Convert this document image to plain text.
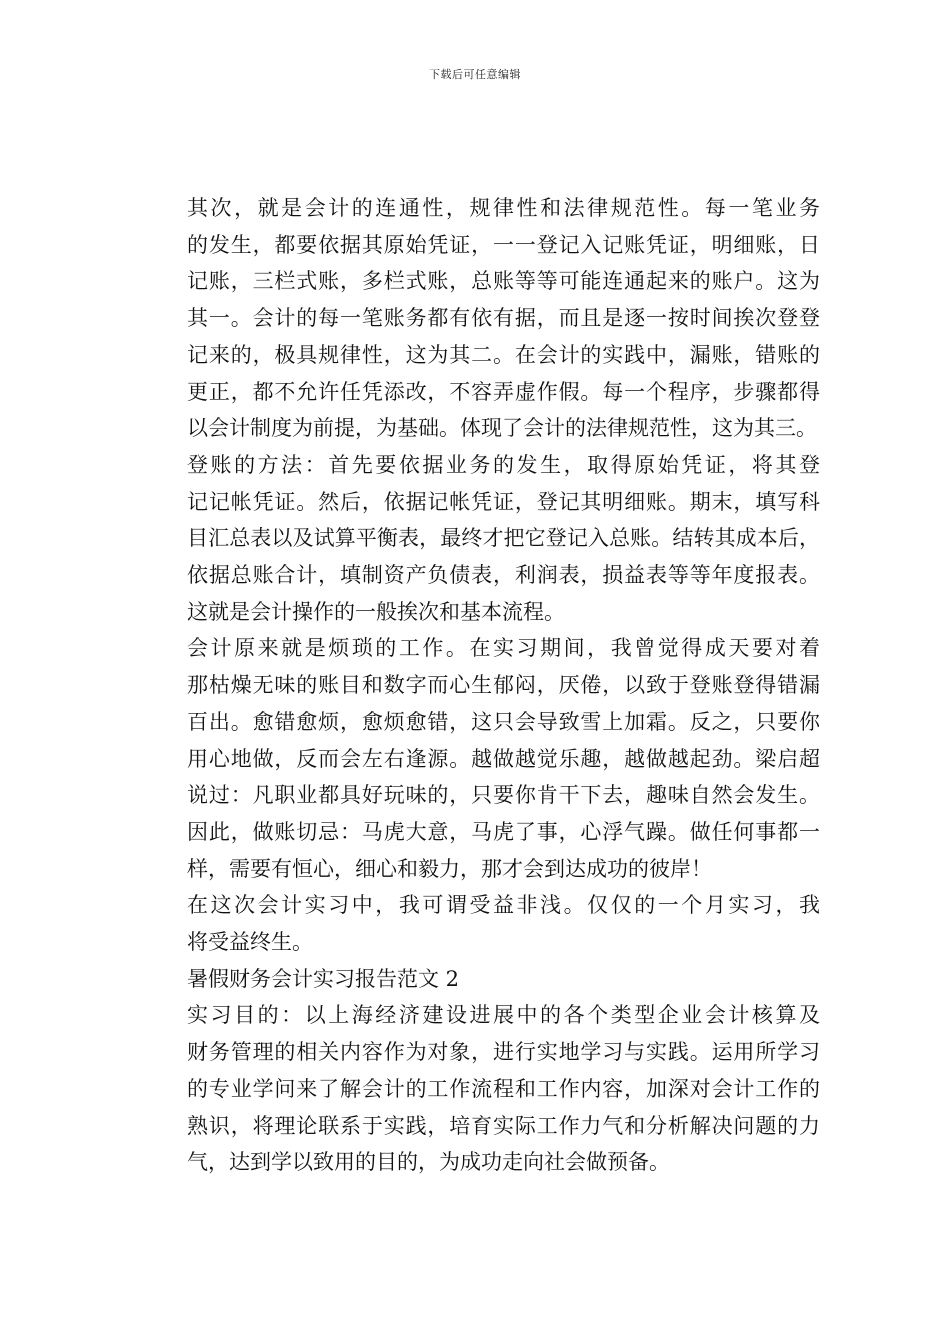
下载后可任意编辑
其次，就是会计的连通性，规律性和法律规范性。每一笔业务
的发生，都要依据其原始凭证，一一登记入记账凭证，明细账，日
记账，三栏式账，多栏式账，总账等等可能连通起来的账户。这为
其一。会计的每一笔账务都有依有据，而且是逐一按时间挨次登登
记来的，极具规律性，这为其二。在会计的实践中，漏账，错账的
更正，都不允许任凭添改，不容弄虚作假。每一个程序，步骤都得
以会计制度为前提，为基础。体现了会计的法律规范性，这为其三。
登账的方法：首先要依据业务的发生，取得原始凭证，将其登
记记帐凭证。然后，依据记帐凭证，登记其明细账。期末，填写科
目汇总表以及试算平衡表，最终才把它登记入总账。结转其成本后，
依据总账合计，填制资产负债表，利润表，损益表等等年度报表。
这就是会计操作的一般挨次和基本流程。
会计原来就是烦琐的工作。在实习期间，我曾觉得成天要对着
那枯燥无味的账目和数字而心生郁闷，厌倦，以致于登账登得错漏
百出。愈错愈烦，愈烦愈错，这只会导致雪上加霜。反之，只要你
用心地做，反而会左右逢源。越做越觉乐趣，越做越起劲。梁启超
说过：凡职业都具好玩味的，只要你肯干下去，趣味自然会发生。
因此，做账切忌：马虎大意，马虎了事，心浮气躁。做任何事都一
样，需要有恒心，细心和毅力，那才会到达成功的彼岸！
在这次会计实习中，我可谓受益非浅。仅仅的一个月实习，我
将受益终生。
暑假财务会计实习报告范文 2
实习目的：以上海经济建设进展中的各个类型企业会计核算及
财务管理的相关内容作为对象，进行实地学习与实践。运用所学习
的专业学问来了解会计的工作流程和工作内容，加深对会计工作的
熟识，将理论联系于实践，培育实际工作力气和分析解决问题的力
气，达到学以致用的目的，为成功走向社会做预备。
